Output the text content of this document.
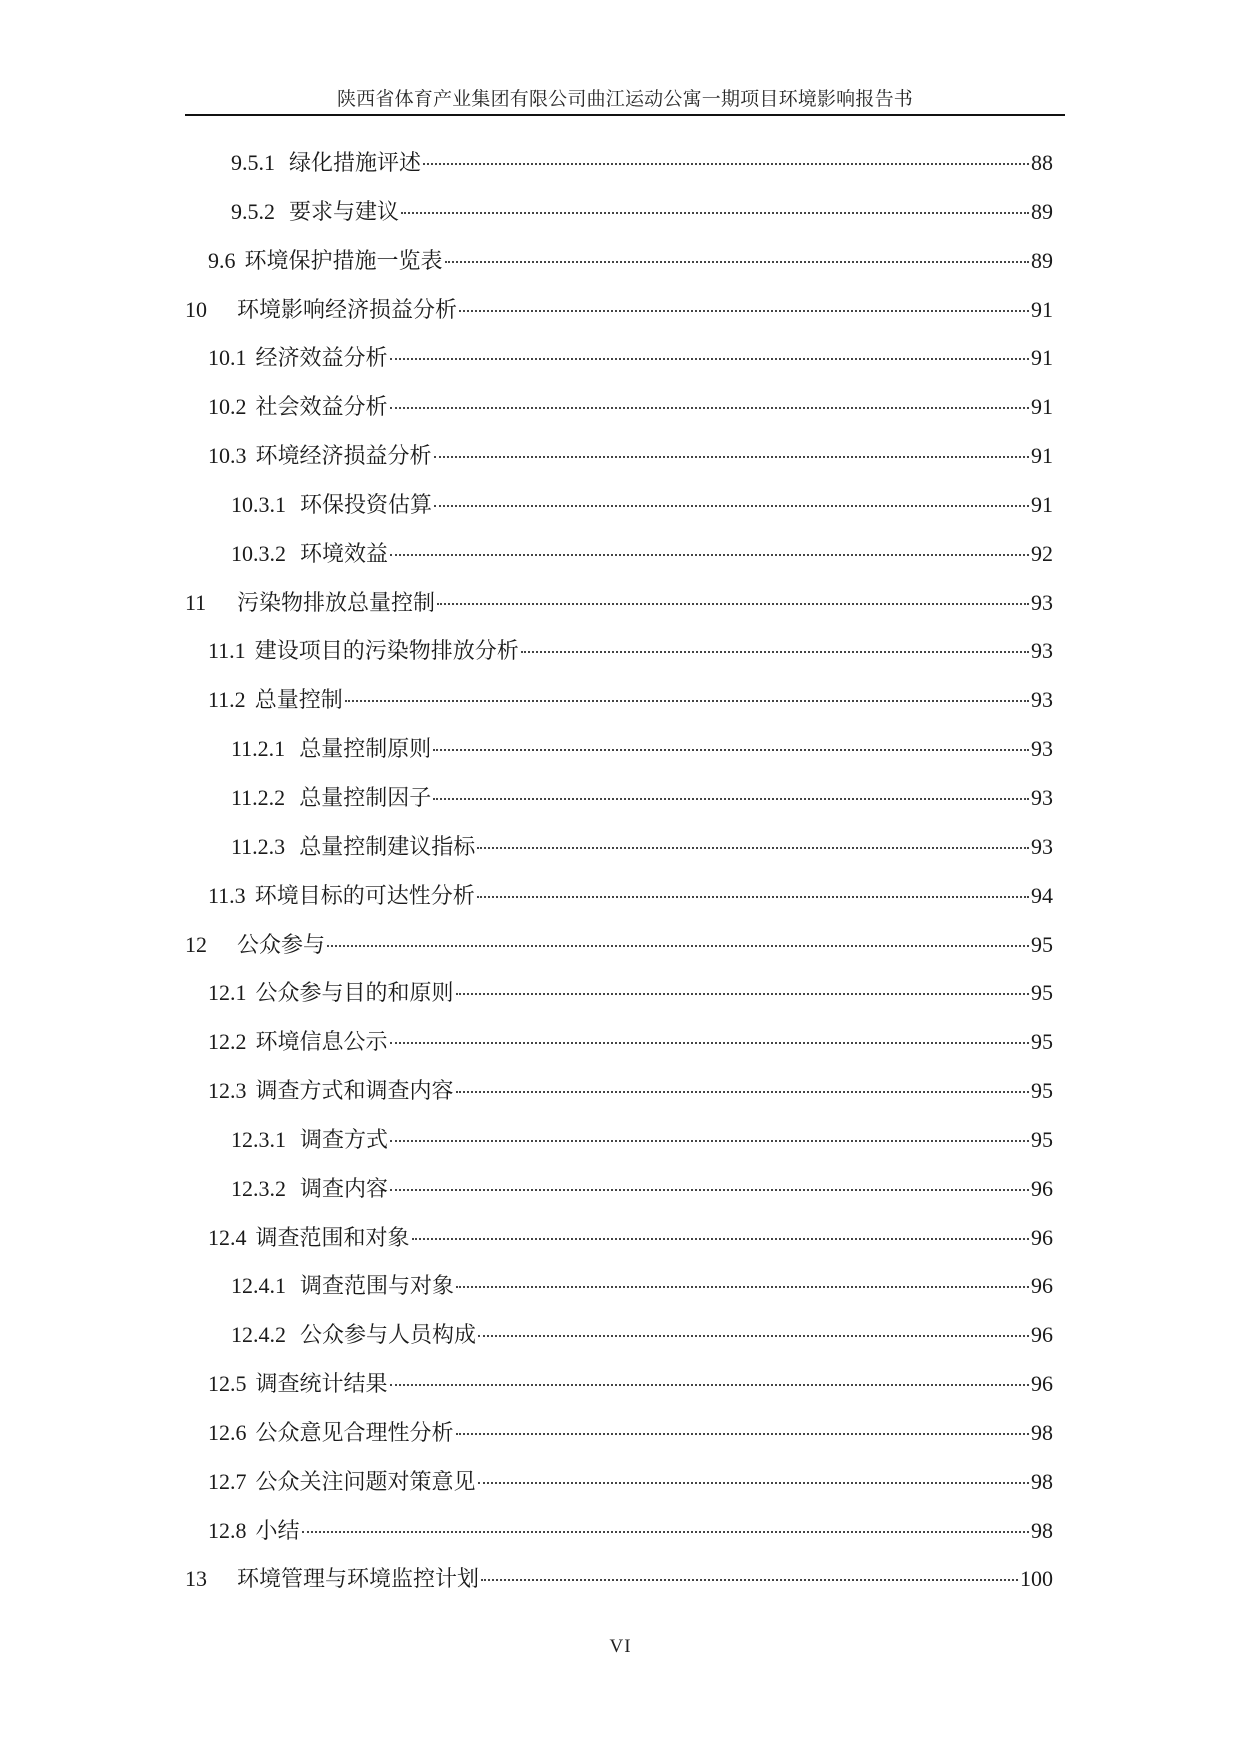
陕西省体育产业集团有限公司曲江运动公寓一期项目环境影响报告书
9.5.1 绿化措施评述	88
9.5.2 要求与建议	89
9.6 环境保护措施一览表	89
10	环境影响经济损益分析	91
10.1 经济效益分析	91
10.2 社会效益分析	91
10.3 环境经济损益分析	91
10.3.1 环保投资估算	91
10.3.2 环境效益	92
11	污染物排放总量控制	93
11.1 建设项目的污染物排放分析	93
11.2 总量控制	93
11.2.1 总量控制原则	93
11.2.2 总量控制因子	93
11.2.3 总量控制建议指标	93
11.3 环境目标的可达性分析	94
12	公众参与	95
12.1 公众参与目的和原则	95
12.2 环境信息公示	95
12.3 调查方式和调查内容	95
12.3.1 调查方式	95
12.3.2 调查内容	96
12.4 调查范围和对象	96
12.4.1 调查范围与对象	96
12.4.2 公众参与人员构成	96
12.5 调查统计结果	96
12.6 公众意见合理性分析	98
12.7 公众关注问题对策意见	98
12.8 小结	98
13	环境管理与环境监控计划	100
VI
